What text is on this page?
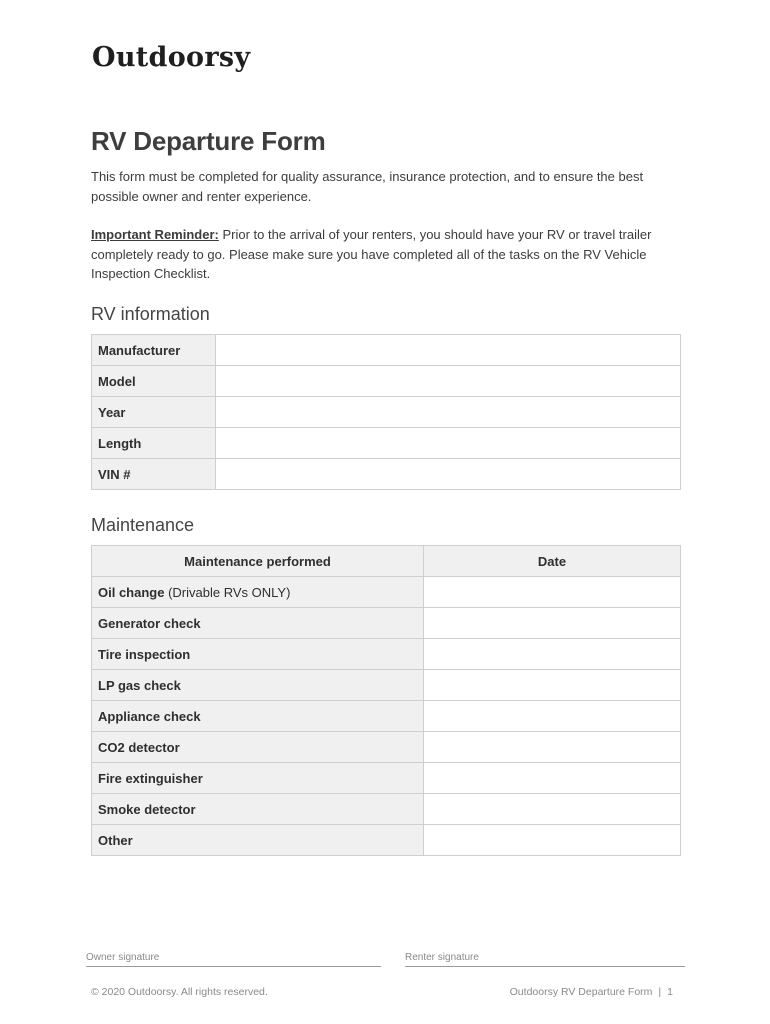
Outdoorsy
RV Departure Form

This form must be completed for quality assurance, insurance protection, and to ensure the best possible owner and renter experience.

Important Reminder: Prior to the arrival of your renters, you should have your RV or travel trailer completely ready to go. Please make sure you have completed all of the tasks on the RV Vehicle Inspection Checklist.

RV information
Manufacturer	
Model	
Year	
Length	
VIN #	
Maintenance
Maintenance performed	Date
Oil change (Drivable RVs ONLY)	
Generator check	
Tire inspection	
LP gas check	
Appliance check	
CO2 detector	
Fire extinguisher	
Smoke detector	
Other	
Owner signature	Renter signature
© 2020 Outdoorsy. All rights reserved.	Outdoorsy RV Departure Form | 1
